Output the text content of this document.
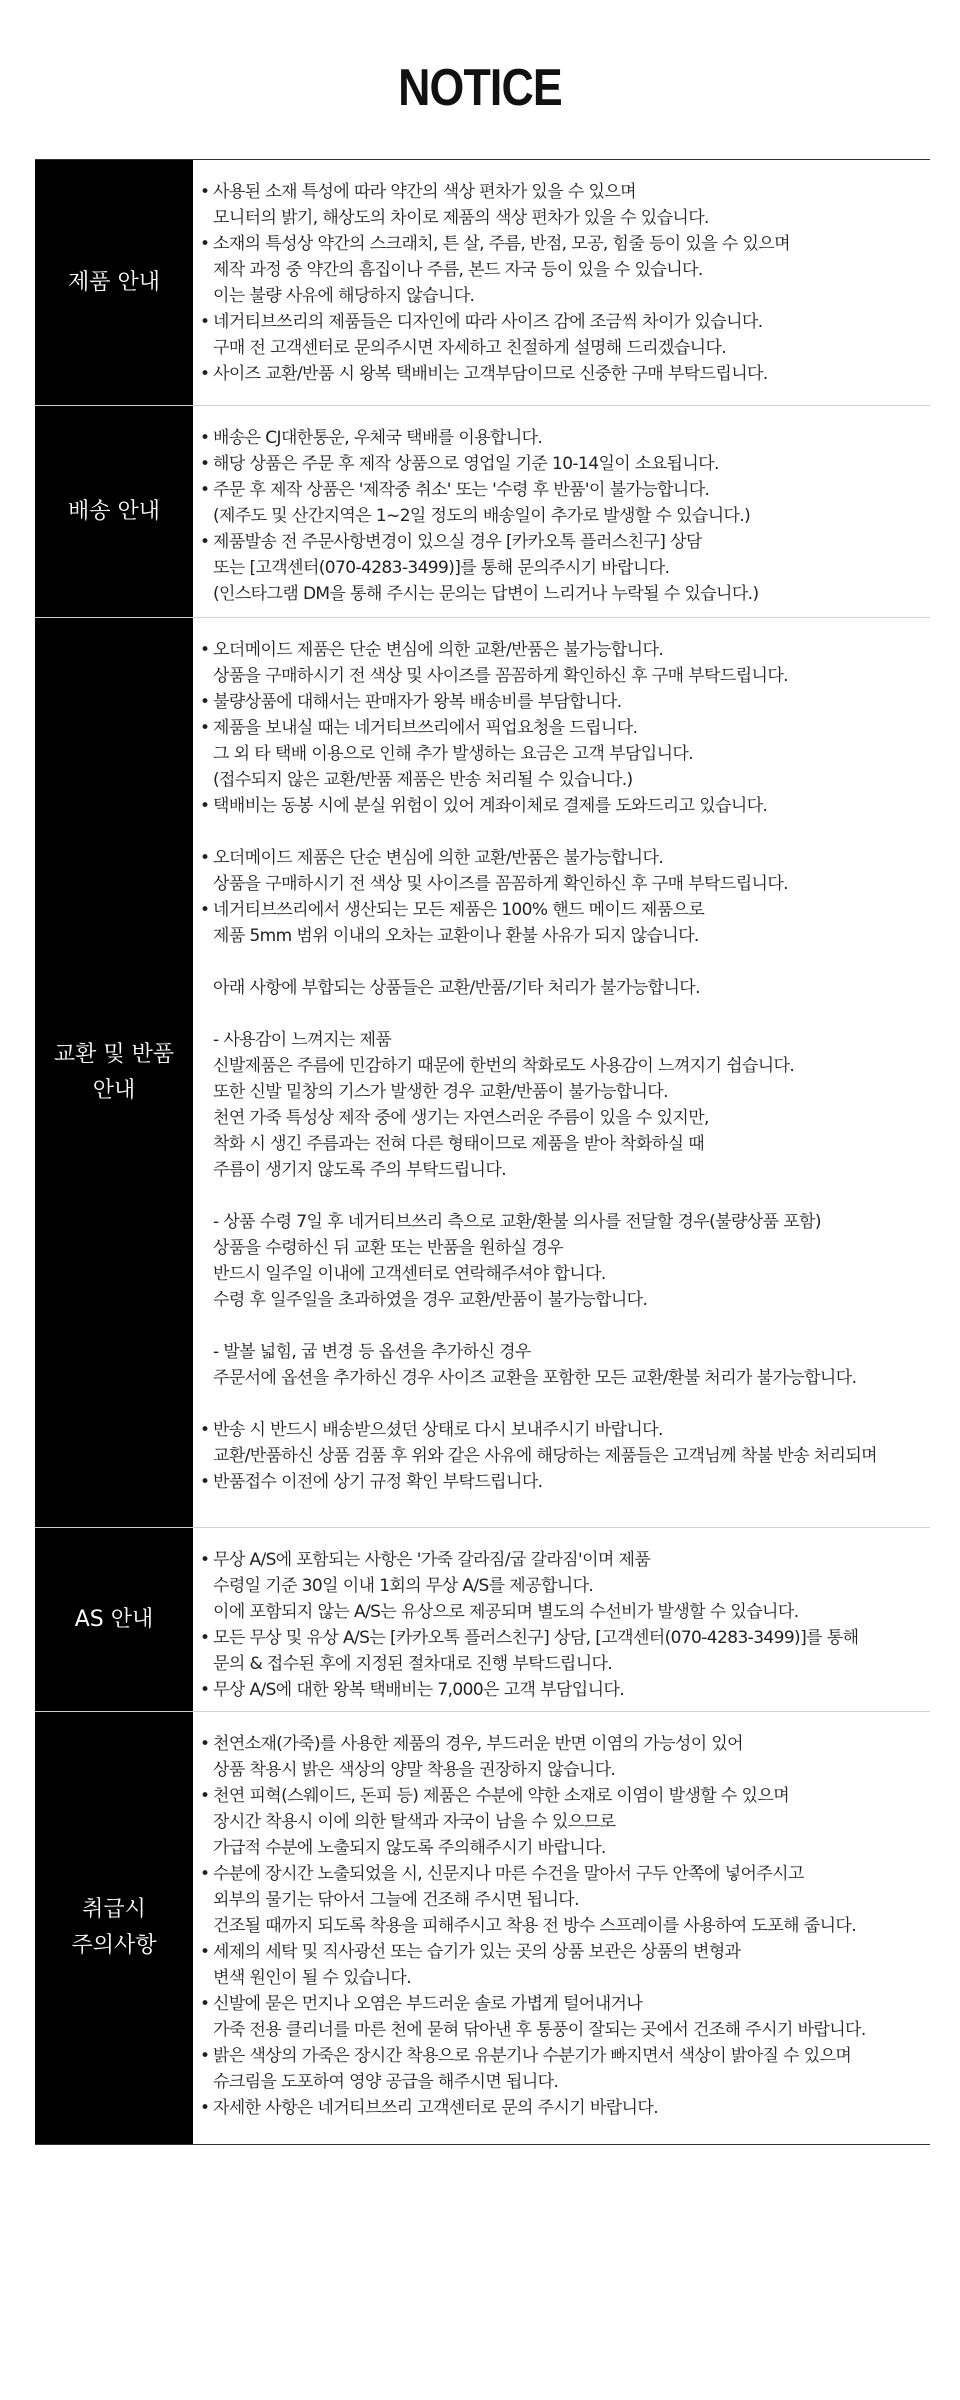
NOTICE
제품 안내
• 사용된 소재 특성에 따라 약간의 색상 편차가 있을 수 있으며
모니터의 밝기, 해상도의 차이로 제품의 색상 편차가 있을 수 있습니다.
• 소재의 특성상 약간의 스크래치, 튼 살, 주름, 반점, 모공, 힘줄 등이 있을 수 있으며
제작 과정 중 약간의 흠집이나 주름, 본드 자국 등이 있을 수 있습니다.
이는 불량 사유에 해당하지 않습니다.
• 네거티브쓰리의 제품들은 디자인에 따라 사이즈 감에 조금씩 차이가 있습니다.
구매 전 고객센터로 문의주시면 자세하고 친절하게 설명해 드리겠습니다.
• 사이즈 교환/반품 시 왕복 택배비는 고객부담이므로 신중한 구매 부탁드립니다.
배송 안내
• 배송은 CJ대한통운, 우체국 택배를 이용합니다.
• 해당 상품은 주문 후 제작 상품으로 영업일 기준 10-14일이 소요됩니다.
• 주문 후 제작 상품은 '제작중 취소' 또는 '수령 후 반품'이 불가능합니다.
(제주도 및 산간지역은 1~2일 정도의 배송일이 추가로 발생할 수 있습니다.)
• 제품발송 전 주문사항변경이 있으실 경우 [카카오톡 플러스친구] 상담
또는 [고객센터(070-4283-3499)]를 통해 문의주시기 바랍니다.
(인스타그램 DM을 통해 주시는 문의는 답변이 느리거나 누락될 수 있습니다.)
교환 및 반품
안내
• 오더메이드 제품은 단순 변심에 의한 교환/반품은 불가능합니다.
상품을 구매하시기 전 색상 및 사이즈를 꼼꼼하게 확인하신 후 구매 부탁드립니다.
• 불량상품에 대해서는 판매자가 왕복 배송비를 부담합니다.
• 제품을 보내실 때는 네거티브쓰리에서 픽업요청을 드립니다.
그 외 타 택배 이용으로 인해 추가 발생하는 요금은 고객 부담입니다.
(접수되지 않은 교환/반품 제품은 반송 처리될 수 있습니다.)
• 택배비는 동봉 시에 분실 위험이 있어 계좌이체로 결제를 도와드리고 있습니다.
• 오더메이드 제품은 단순 변심에 의한 교환/반품은 불가능합니다.
상품을 구매하시기 전 색상 및 사이즈를 꼼꼼하게 확인하신 후 구매 부탁드립니다.
• 네거티브쓰리에서 생산되는 모든 제품은 100% 핸드 메이드 제품으로
제품 5mm 범위 이내의 오차는 교환이나 환불 사유가 되지 않습니다.
아래 사항에 부합되는 상품들은 교환/반품/기타 처리가 불가능합니다.
- 사용감이 느껴지는 제품
신발제품은 주름에 민감하기 때문에 한번의 착화로도 사용감이 느껴지기 쉽습니다.
또한 신발 밑창의 기스가 발생한 경우 교환/반품이 불가능합니다.
천연 가죽 특성상 제작 중에 생기는 자연스러운 주름이 있을 수 있지만,
착화 시 생긴 주름과는 전혀 다른 형태이므로 제품을 받아 착화하실 때
주름이 생기지 않도록 주의 부탁드립니다.
- 상품 수령 7일 후 네거티브쓰리 측으로 교환/환불 의사를 전달할 경우(불량상품 포함)
상품을 수령하신 뒤 교환 또는 반품을 원하실 경우
반드시 일주일 이내에 고객센터로 연락해주셔야 합니다.
수령 후 일주일을 초과하였을 경우 교환/반품이 불가능합니다.
- 발볼 넓힘, 굽 변경 등 옵션을 추가하신 경우
주문서에 옵션을 추가하신 경우 사이즈 교환을 포함한 모든 교환/환불 처리가 불가능합니다.
• 반송 시 반드시 배송받으셨던 상태로 다시 보내주시기 바랍니다.
교환/반품하신 상품 검품 후 위와 같은 사유에 해당하는 제품들은 고객님께 착불 반송 처리되며
• 반품접수 이전에 상기 규정 확인 부탁드립니다.
AS 안내
• 무상 A/S에 포함되는 사항은 '가죽 갈라짐/굽 갈라짐'이며 제품
수령일 기준 30일 이내 1회의 무상 A/S를 제공합니다.
이에 포함되지 않는 A/S는 유상으로 제공되며 별도의 수선비가 발생할 수 있습니다.
• 모든 무상 및 유상 A/S는 [카카오톡 플러스친구] 상담, [고객센터(070-4283-3499)]를 통해
문의 & 접수된 후에 지정된 절차대로 진행 부탁드립니다.
• 무상 A/S에 대한 왕복 택배비는 7,000은 고객 부담입니다.
취급시
주의사항
• 천연소재(가죽)를 사용한 제품의 경우, 부드러운 반면 이염의 가능성이 있어
상품 착용시 밝은 색상의 양말 착용을 권장하지 않습니다.
• 천연 피혁(스웨이드, 돈피 등) 제품은 수분에 약한 소재로 이염이 발생할 수 있으며
장시간 착용시 이에 의한 탈색과 자국이 남을 수 있으므로
가급적 수분에 노출되지 않도록 주의해주시기 바랍니다.
• 수분에 장시간 노출되었을 시, 신문지나 마른 수건을 말아서 구두 안쪽에 넣어주시고
외부의 물기는 닦아서 그늘에 건조해 주시면 됩니다.
건조될 때까지 되도록 착용을 피해주시고 착용 전 방수 스프레이를 사용하여 도포해 줍니다.
• 세제의 세탁 및 직사광선 또는 습기가 있는 곳의 상품 보관은 상품의 변형과
변색 원인이 될 수 있습니다.
• 신발에 묻은 먼지나 오염은 부드러운 솔로 가볍게 털어내거나
가죽 전용 클리너를 마른 천에 묻혀 닦아낸 후 통풍이 잘되는 곳에서 건조해 주시기 바랍니다.
• 밝은 색상의 가죽은 장시간 착용으로 유분기나 수분기가 빠지면서 색상이 밝아질 수 있으며
슈크림을 도포하여 영양 공급을 해주시면 됩니다.
• 자세한 사항은 네거티브쓰리 고객센터로 문의 주시기 바랍니다.
